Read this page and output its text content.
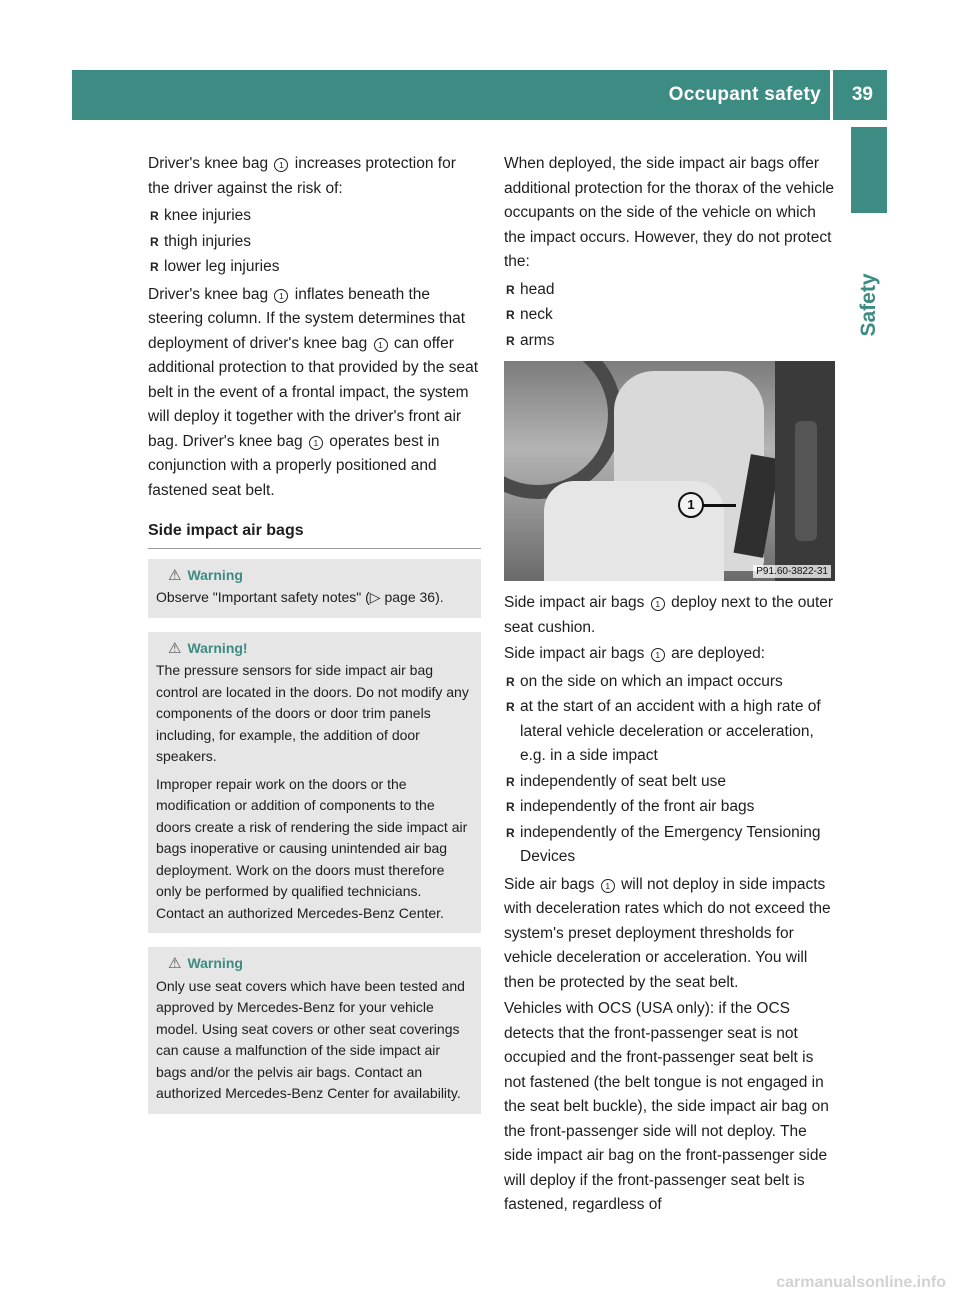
Occupant safety 39
Safety

Driver's knee bag 1 increases protection for the driver against the risk of:

R knee injuries
R thigh injuries
R lower leg injuries

Driver's knee bag 1 inflates beneath the steering column. If the system determines that deployment of driver's knee bag 1 can offer additional protection to that provided by the seat belt in the event of a frontal impact, the system will deploy it together with the driver's front air bag. Driver's knee bag 1 operates best in conjunction with a properly positioned and fastened seat belt.

Side impact air bags
⚠ Warning

Observe "Important safety notes" (▷ page 36).

⚠ Warning!

The pressure sensors for side impact air bag control are located in the doors. Do not modify any components of the doors or door trim panels including, for example, the addition of door speakers.

Improper repair work on the doors or the modification or addition of components to the doors create a risk of rendering the side impact air bags inoperative or causing unintended air bag deployment. Work on the doors must therefore only be performed by qualified technicians. Contact an authorized Mercedes-Benz Center.

⚠ Warning

Only use seat covers which have been tested and approved by Mercedes-Benz for your vehicle model. Using seat covers or other seat coverings can cause a malfunction of the side impact air bags and/or the pelvis air bags. Contact an authorized Mercedes-Benz Center for availability.

When deployed, the side impact air bags offer additional protection for the thorax of the vehicle occupants on the side of the vehicle on which the impact occurs. However, they do not protect the:

R head
R neck
R arms
1
P91.60-3822-31

Side impact air bags 1 deploy next to the outer seat cushion.

Side impact air bags 1 are deployed:

R on the side on which an impact occurs
R at the start of an accident with a high rate of lateral vehicle deceleration or acceleration, e.g. in a side impact
R independently of seat belt use
R independently of the front air bags
R independently of the Emergency Tensioning Devices

Side air bags 1 will not deploy in side impacts with deceleration rates which do not exceed the system's preset deployment thresholds for vehicle deceleration or acceleration. You will then be protected by the seat belt.

Vehicles with OCS (USA only): if the OCS detects that the front-passenger seat is not occupied and the front-passenger seat belt is not fastened (the belt tongue is not engaged in the seat belt buckle), the side impact air bag on the front-passenger side will not deploy. The side impact air bag on the front-passenger side will deploy if the front-passenger seat belt is fastened, regardless of

carmanualsonline.info
